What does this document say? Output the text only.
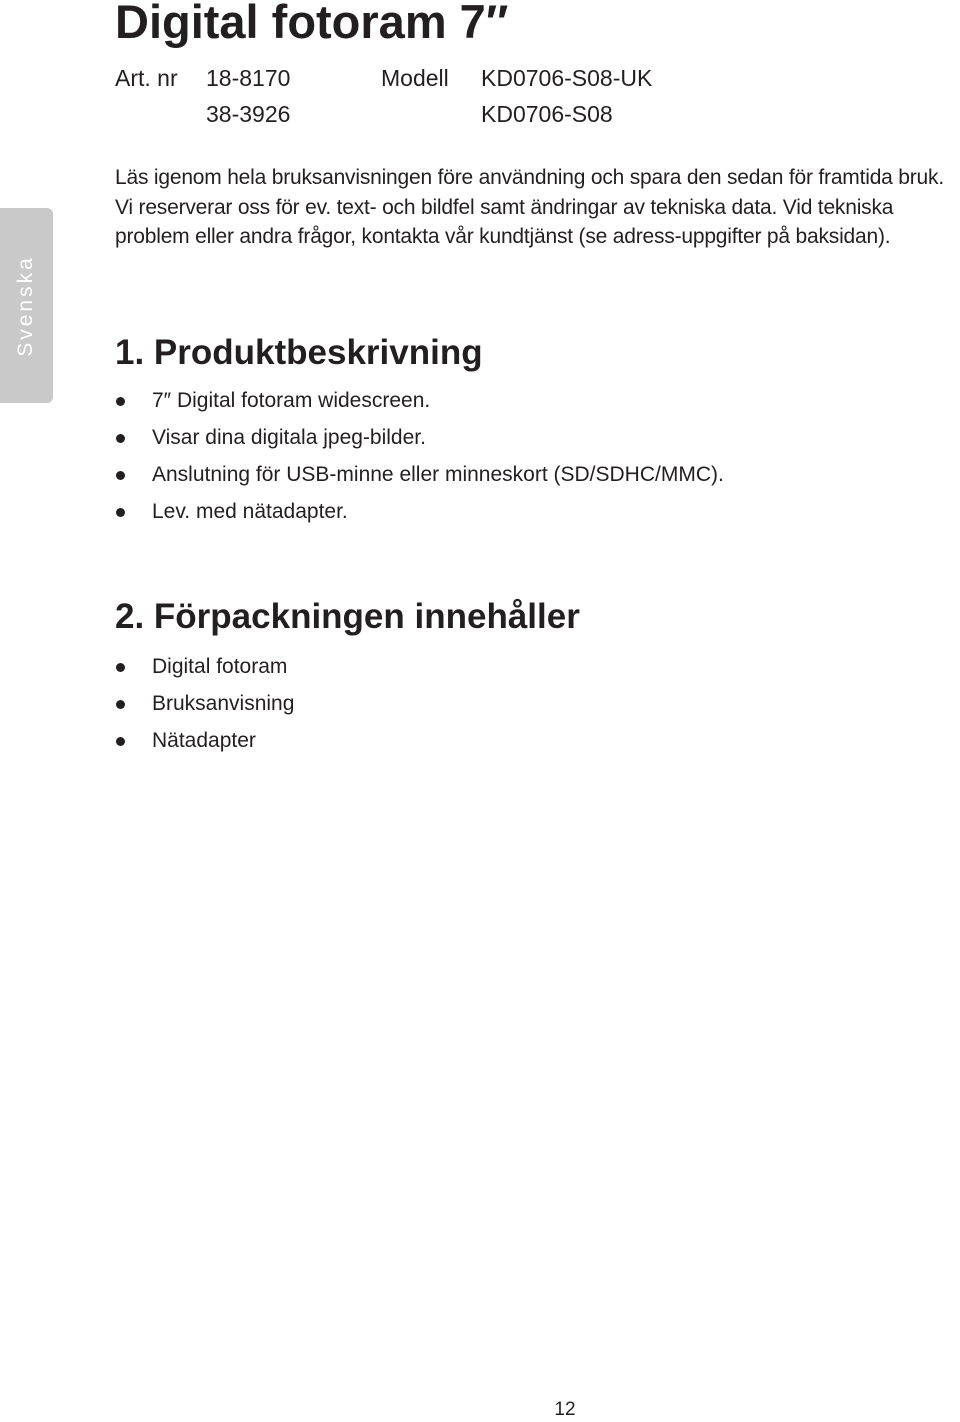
Svenska
Digital fotoram 7″
Art. nr 18-8170	Modell KD0706-S08-UK
38-3926	KD0706-S08

Läs igenom hela bruksanvisningen före användning och spara den sedan för framtida bruk. Vi reserverar oss för ev. text- och bildfel samt ändringar av tekniska data. Vid tekniska problem eller andra frågor, kontakta vår kundtjänst (se adress-uppgifter på baksidan).

1. Produktbeskrivning
7″ Digital fotoram widescreen.
Visar dina digitala jpeg-bilder.
Anslutning för USB-minne eller minneskort (SD/SDHC/MMC).
Lev. med nätadapter.
2. Förpackningen innehåller
Digital fotoram
Bruksanvisning
Nätadapter
12
